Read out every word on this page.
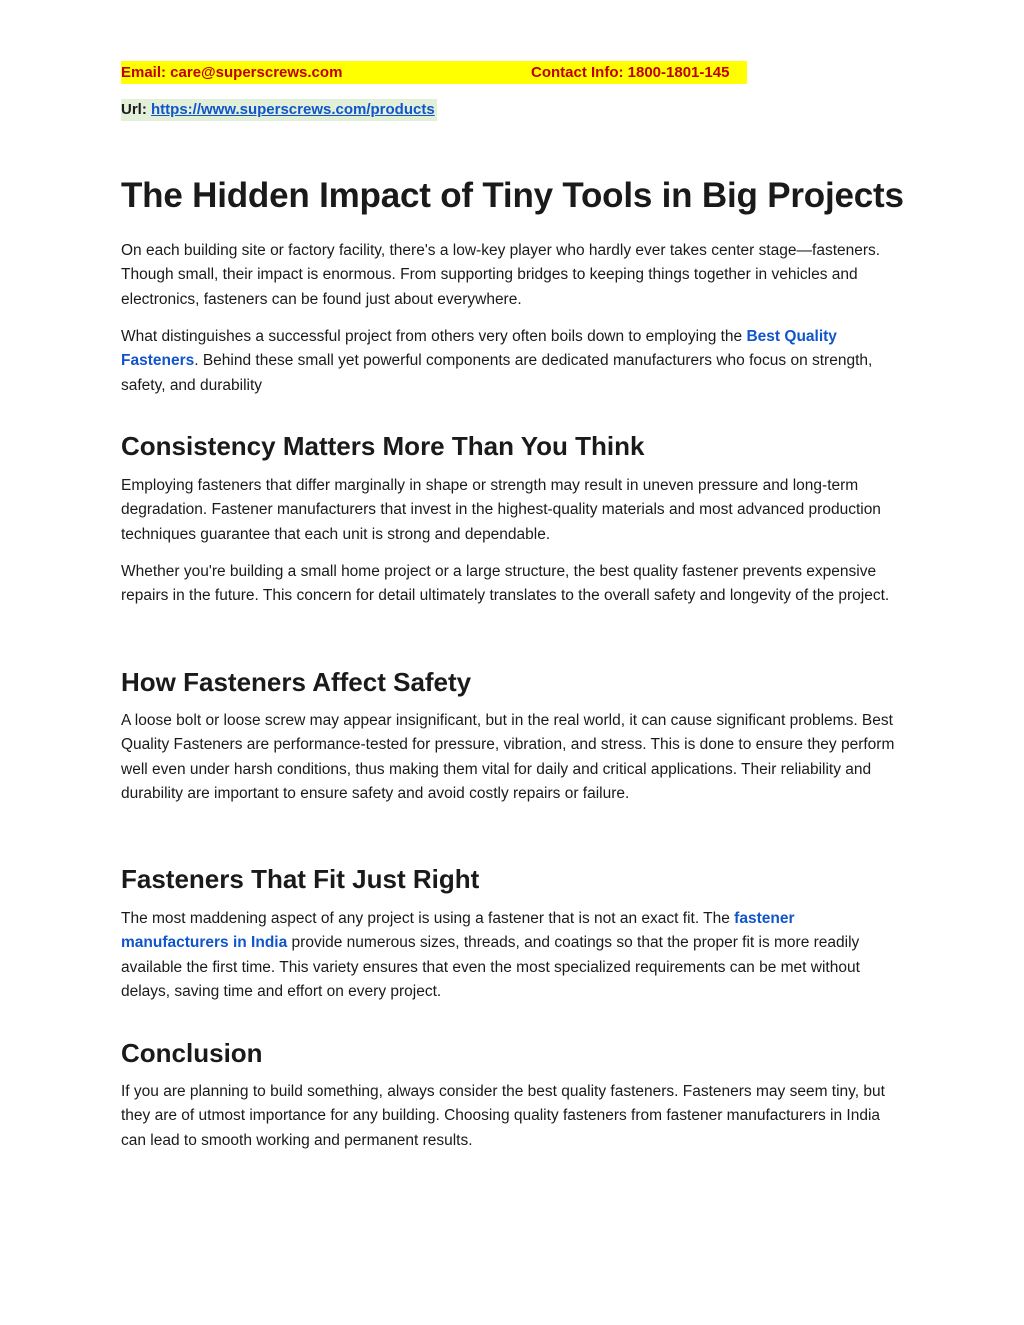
Email: care@superscrews.com	Contact Info: 1800-1801-145
Url: https://www.superscrews.com/products
The Hidden Impact of Tiny Tools in Big Projects

On each building site or factory facility, there's a low-key player who hardly ever takes center stage—fasteners. Though small, their impact is enormous. From supporting bridges to keeping things together in vehicles and electronics, fasteners can be found just about everywhere.

What distinguishes a successful project from others very often boils down to employing the Best Quality Fasteners. Behind these small yet powerful components are dedicated manufacturers who focus on strength, safety, and durability

Consistency Matters More Than You Think

Employing fasteners that differ marginally in shape or strength may result in uneven pressure and long-term degradation. Fastener manufacturers that invest in the highest-quality materials and most advanced production techniques guarantee that each unit is strong and dependable.

Whether you're building a small home project or a large structure, the best quality fastener prevents expensive repairs in the future. This concern for detail ultimately translates to the overall safety and longevity of the project.

How Fasteners Affect Safety

A loose bolt or loose screw may appear insignificant, but in the real world, it can cause significant problems. Best Quality Fasteners are performance-tested for pressure, vibration, and stress. This is done to ensure they perform well even under harsh conditions, thus making them vital for daily and critical applications. Their reliability and durability are important to ensure safety and avoid costly repairs or failure.

Fasteners That Fit Just Right

The most maddening aspect of any project is using a fastener that is not an exact fit. The fastener manufacturers in India provide numerous sizes, threads, and coatings so that the proper fit is more readily available the first time. This variety ensures that even the most specialized requirements can be met without delays, saving time and effort on every project.

Conclusion

If you are planning to build something, always consider the best quality fasteners. Fasteners may seem tiny, but they are of utmost importance for any building. Choosing quality fasteners from fastener manufacturers in India can lead to smooth working and permanent results.
